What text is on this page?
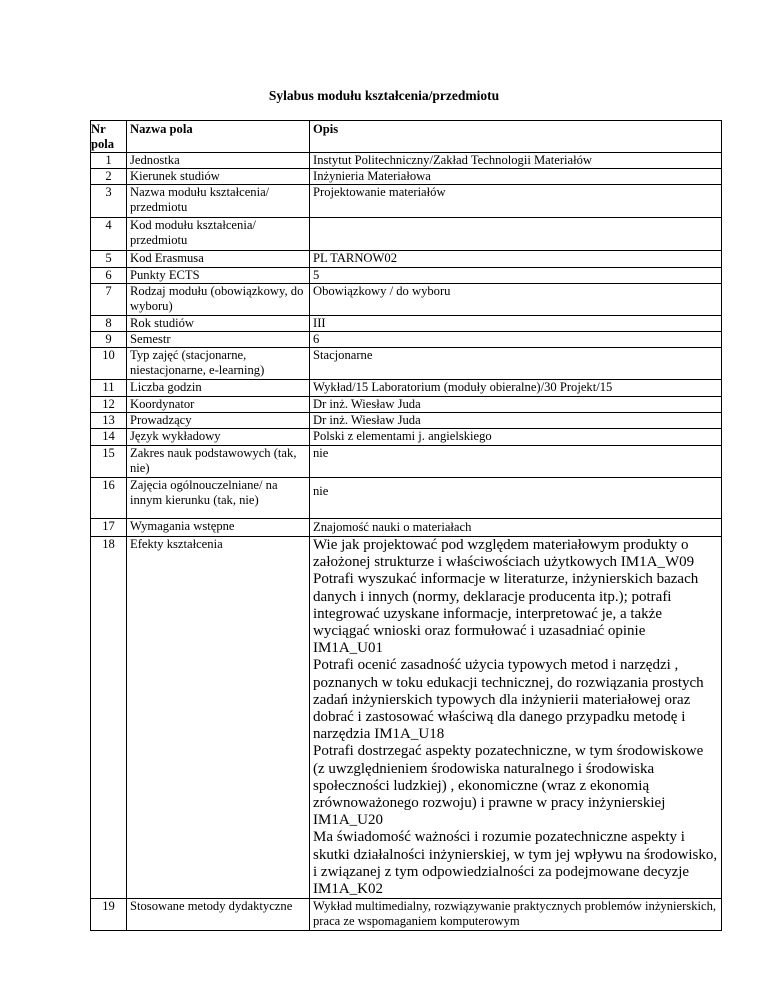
Sylabus modułu kształcenia/przedmiotu
Nr pola	Nazwa pola	Opis
1	Jednostka	Instytut Politechniczny/Zakład Technologii Materiałów
2	Kierunek studiów	Inżynieria Materiałowa
3	Nazwa modułu kształcenia/ przedmiotu	Projektowanie materiałów
4	Kod modułu kształcenia/ przedmiotu	
5	Kod Erasmusa	PL TARNOW02
6	Punkty ECTS	5
7	Rodzaj modułu (obowiązkowy, do wyboru)	Obowiązkowy / do wyboru
8	Rok studiów	III
9	Semestr	6
10	Typ zajęć (stacjonarne, niestacjonarne, e-learning)	Stacjonarne
11	Liczba godzin	Wykład/15 Laboratorium (moduły obieralne)/30 Projekt/15
12	Koordynator	Dr inż. Wiesław Juda
13	Prowadzący	Dr inż. Wiesław Juda
14	Język wykładowy	Polski z elementami j. angielskiego
15	Zakres nauk podstawowych (tak, nie)	nie
16	Zajęcia ogólnouczelniane/ na innym kierunku (tak, nie)	nie
17	Wymagania wstępne	Znajomość nauki o materiałach
18	Efekty kształcenia	Wie jak projektować pod względem materiałowym produkty o założonej strukturze i właściwościach użytkowych IM1A_W09
Potrafi wyszukać informacje w literaturze, inżynierskich bazach danych i innych (normy, deklaracje producenta itp.); potrafi integrować uzyskane informacje, interpretować je, a także wyciągać wnioski oraz formułować i uzasadniać opinie IM1A_U01
Potrafi ocenić zasadność użycia typowych metod i narzędzi , poznanych w toku edukacji technicznej, do rozwiązania prostych zadań inżynierskich typowych dla inżynierii materiałowej oraz dobrać i zastosować właściwą dla danego przypadku metodę i narzędzia IM1A_U18
Potrafi dostrzegać aspekty pozatechniczne, w tym środowiskowe (z uwzględnieniem środowiska naturalnego i środowiska społeczności ludzkiej) , ekonomiczne (wraz z ekonomią zrównoważonego rozwoju) i prawne w pracy inżynierskiej IM1A_U20
Ma świadomość ważności i rozumie pozatechniczne aspekty i skutki działalności inżynierskiej, w tym jej wpływu na środowisko, i związanej z tym odpowiedzialności za podejmowane decyzje IM1A_K02

19	Stosowane metody dydaktyczne	Wykład multimedialny, rozwiązywanie praktycznych problemów inżynierskich, praca ze wspomaganiem komputerowym
